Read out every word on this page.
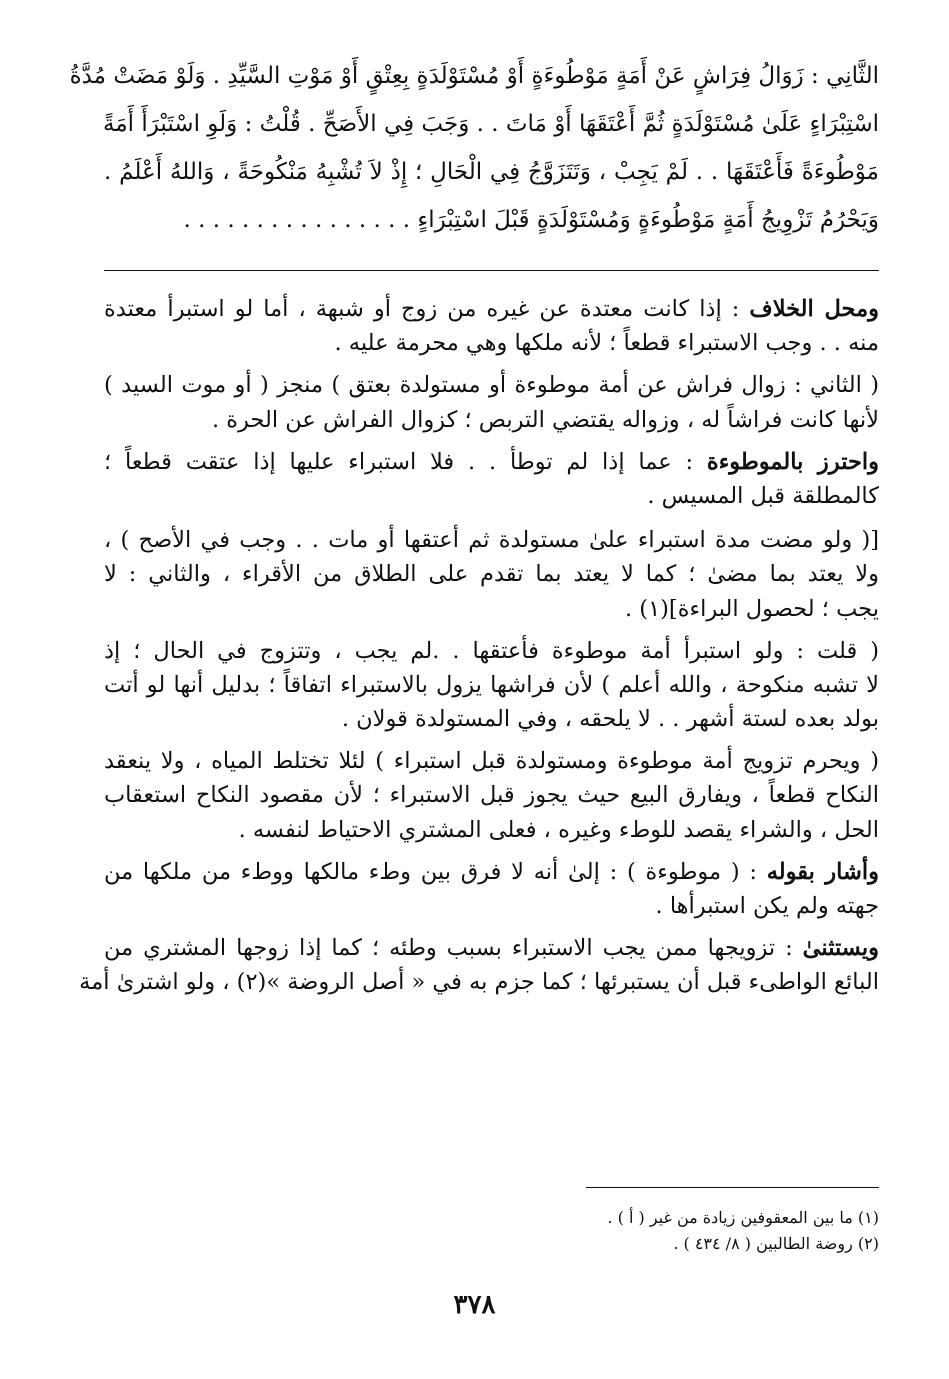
الثَّانِي : زَوَالُ فِرَاشٍ عَنْ أَمَةٍ مَوْطُوءَةٍ أَوْ مُسْتَوْلَدَةٍ بِعِتْقٍ أَوْ مَوْتِ السَّيِّدِ . وَلَوْ مَضَتْ مُدَّةُ
اسْتِبْرَاءٍ عَلَىٰ مُسْتَوْلَدَةٍ ثُمَّ أَعْتَقَهَا أَوْ مَاتَ . . وَجَبَ فِي الأَصَحِّ . قُلْتُ : وَلَوِ اسْتَبْرَأَ أَمَةً
مَوْطُوءَةً فَأَعْتَقَهَا . . لَمْ يَجِبْ ، وَتَتَزَوَّجُ فِي الْحَالِ ؛ إِذْ لاَ تُشْبِهُ مَنْكُوحَةً ، وَاللهُ أَعْلَمُ .
وَيَحْرُمُ تَزْوِيجُ أَمَةٍ مَوْطُوءَةٍ وَمُسْتَوْلَدَةٍ قَبْلَ اسْتِبْرَاءٍ . . . . . . . . . . . . . . . .
ومحل الخلاف : إذا كانت معتدة عن غيره من زوج أو شبهة ، أما لو استبرأ معتدة
منه . . وجب الاستبراء قطعاً ؛ لأنه ملكها وهي محرمة عليه .
( الثاني : زوال فراش عن أمة موطوءة أو مستولدة بعتق ) منجز ( أو موت السيد )
لأنها كانت فراشاً له ، وزواله يقتضي التربص ؛ كزوال الفراش عن الحرة .
واحترز بالموطوءة : عما إذا لم توطأ . . فلا استبراء عليها إذا عتقت قطعاً ؛
كالمطلقة قبل المسيس .
[( ولو مضت مدة استبراء علىٰ مستولدة ثم أعتقها أو مات . . وجب في الأصح ) ،
ولا يعتد بما مضىٰ ؛ كما لا يعتد بما تقدم على الطلاق من الأقراء ، والثاني : لا
يجب ؛ لحصول البراءة](١) .
( قلت : ولو استبرأ أمة موطوءة فأعتقها . .لم يجب ، وتتزوج في الحال ؛ إذ
لا تشبه منكوحة ، والله أعلم ) لأن فراشها يزول بالاستبراء اتفاقاً ؛ بدليل أنها لو أتت
بولد بعده لستة أشهر . . لا يلحقه ، وفي المستولدة قولان .
( ويحرم تزويج أمة موطوءة ومستولدة قبل استبراء ) لئلا تختلط المياه ، ولا ينعقد
النكاح قطعاً ، ويفارق البيع حيث يجوز قبل الاستبراء ؛ لأن مقصود النكاح استعقاب
الحل ، والشراء يقصد للوطء وغيره ، فعلى المشتري الاحتياط لنفسه .
وأشار بقوله : ( موطوءة ) : إلىٰ أنه لا فرق بين وطء مالكها ووطء من ملكها من
جهته ولم يكن استبرأها .
ويستثنىٰ : تزويجها ممن يجب الاستبراء بسبب وطئه ؛ كما إذا زوجها المشتري من
البائع الواطىء قبل أن يستبرئها ؛ كما جزم به في « أصل الروضة »(٢) ، ولو اشترىٰ أمة
(١) ما بين المعقوفين زيادة من غير ( أ ) .
(٢) روضة الطالبين ( ٨/ ٤٣٤ ) .
٣٧٨
